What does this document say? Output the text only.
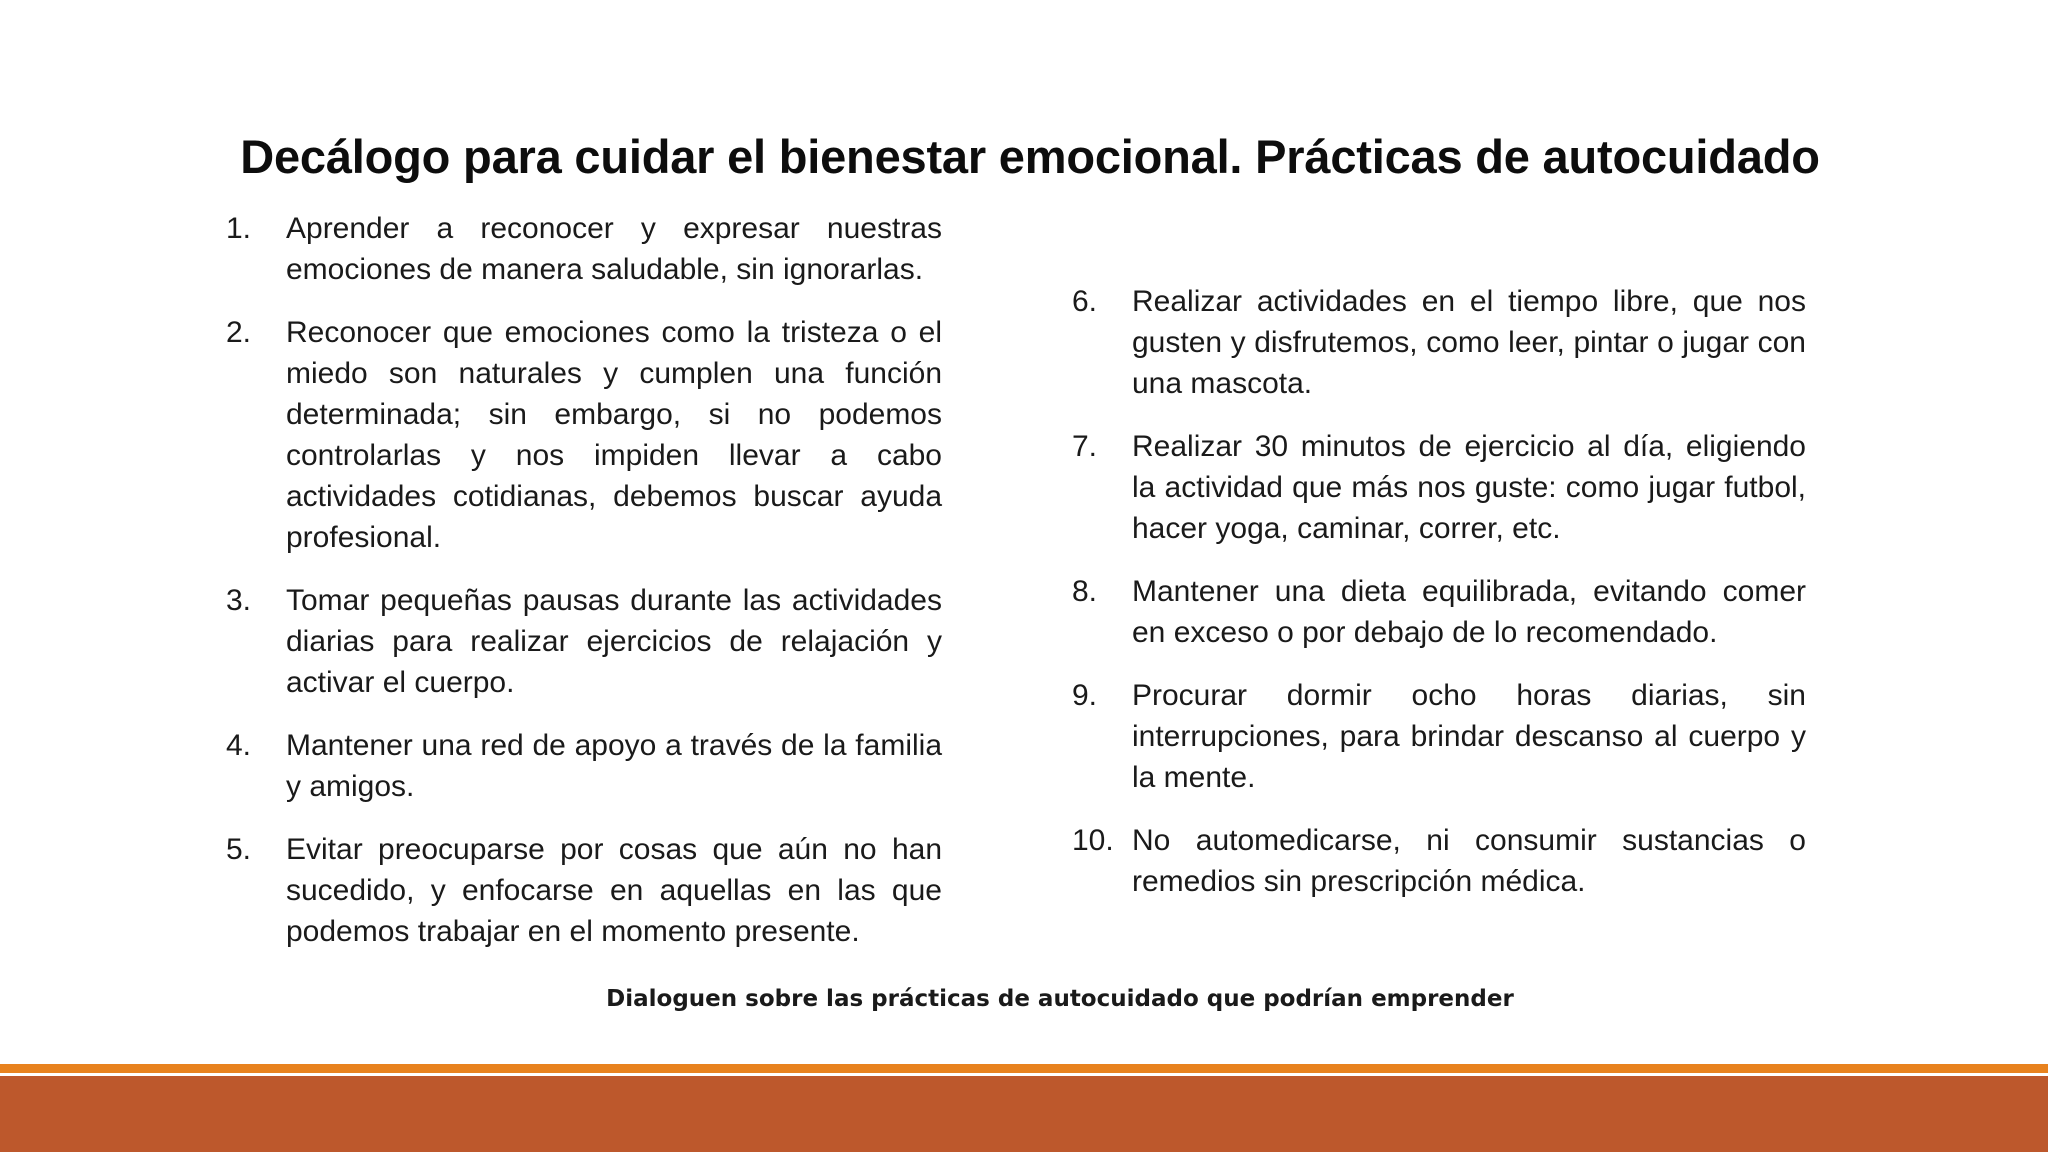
Decálogo para cuidar el bienestar emocional. Prácticas de autocuidado
1.	Aprender a reconocer y expresar nuestras emociones de manera saludable, sin ignorarlas.
2.	Reconocer que emociones como la tristeza o el miedo son naturales y cumplen una función determinada; sin embargo, si no podemos controlarlas y nos impiden llevar a cabo actividades cotidianas, debemos buscar ayuda profesional.
3.	Tomar pequeñas pausas durante las actividades diarias para realizar ejercicios de relajación y activar el cuerpo.
4.	Mantener una red de apoyo a través de la familia y amigos.
5.	Evitar preocuparse por cosas que aún no han sucedido, y enfocarse en aquellas en las que podemos trabajar en el momento presente.
6.	Realizar actividades en el tiempo libre, que nos gusten y disfrutemos, como leer, pintar o jugar con una mascota.
7.	Realizar 30 minutos de ejercicio al día, eligiendo la actividad que más nos guste: como jugar futbol, hacer yoga, caminar, correr, etc.
8.	Mantener una dieta equilibrada, evitando comer en exceso o por debajo de lo recomendado.
9.	Procurar dormir ocho horas diarias, sin interrupciones, para brindar descanso al cuerpo y la mente.
10. No automedicarse, ni consumir sustancias o remedios sin prescripción médica.
Dialoguen sobre las prácticas de autocuidado que podrían emprender
